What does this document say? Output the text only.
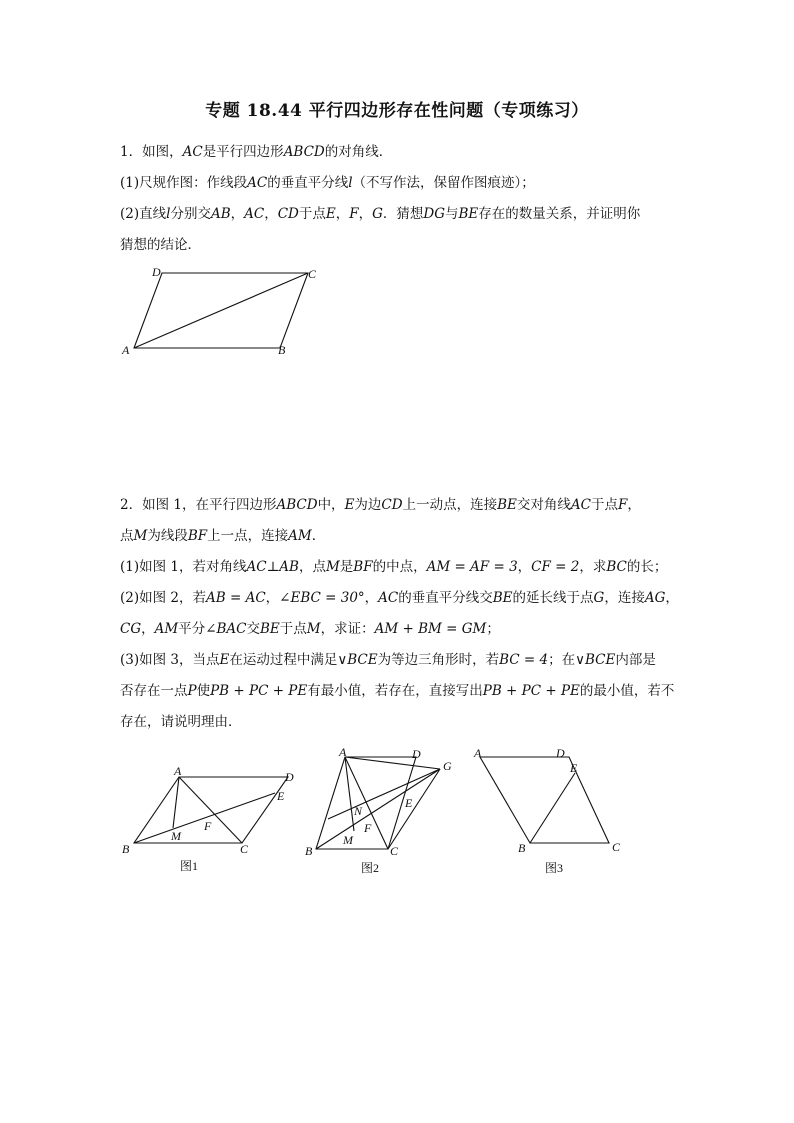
专题 18.44 平行四边形存在性问题（专项练习）
1．如图，AC是平行四边形ABCD的对角线．
(1)尺规作图：作线段AC的垂直平分线l（不写作法，保留作图痕迹）；
(2)直线l分别交AB，AC，CD于点E，F，G．猜想DG与BE存在的数量关系，并证明你
猜想的结论．
D	C
A	B
2．如图 1，在平行四边形ABCD中，E为边CD上一动点，连接BE交对角线AC于点F，
点M为线段BF上一点，连接AM．
(1)如图 1，若对角线AC⊥AB，点M是BF的中点，AM = AF = 3，CF = 2，求BC的长；
(2)如图 2，若AB = AC，∠EBC = 30°，AC的垂直平分线交BE的延长线于点G，连接AG，
CG，AM平分∠BAC交BE于点M，求证：AM + BM = GM；
(3)如图 3，当点E在运动过程中满足∨BCE为等边三角形时，若BC = 4；在∨BCE内部是
否存在一点P使PB + PC + PE有最小值，若存在，直接写出PB + PC + PE的最小值，若不
存在，请说明理由．
A	D
E
F
M
B	C
图1
A	D
G
E
N
F
M
B	C
图2
A	D
E
B	C
图3
